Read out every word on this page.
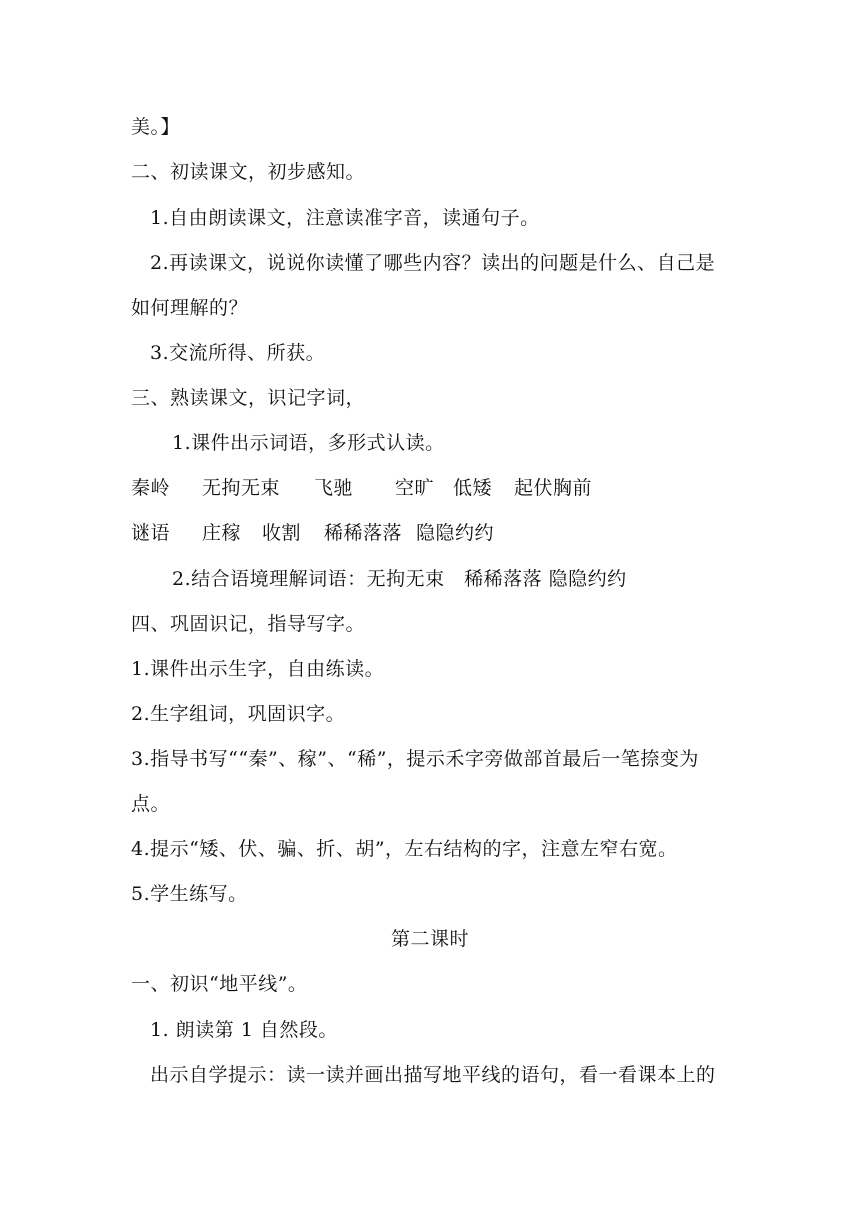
美。】
二、初读课文，初步感知。
1.自由朗读课文，注意读准字音，读通句子。
2.再读课文，说说你读懂了哪些内容？读出的问题是什么、自己是
如何理解的？
3.交流所得、所获。
三、熟读课文，识记字词，
1.课件出示词语，多形式认读。
秦岭 无拘无束 飞驰 空旷 低矮 起伏胸前
谜语 庄稼 收割 稀稀落落 隐隐约约
2.结合语境理解词语：无拘无束　稀稀落落 隐隐约约
四、巩固识记，指导写字。
1.课件出示生字，自由练读。
2.生字组词，巩固识字。
3.指导书写““秦”、稼”、“稀”，提示禾字旁做部首最后一笔捺变为
点。
4.提示“矮、伏、骗、折、胡”，左右结构的字，注意左窄右宽。
5.学生练写。
第二课时
一、初识“地平线”。
1. 朗读第 1 自然段。
出示自学提示：读一读并画出描写地平线的语句，看一看课本上的
